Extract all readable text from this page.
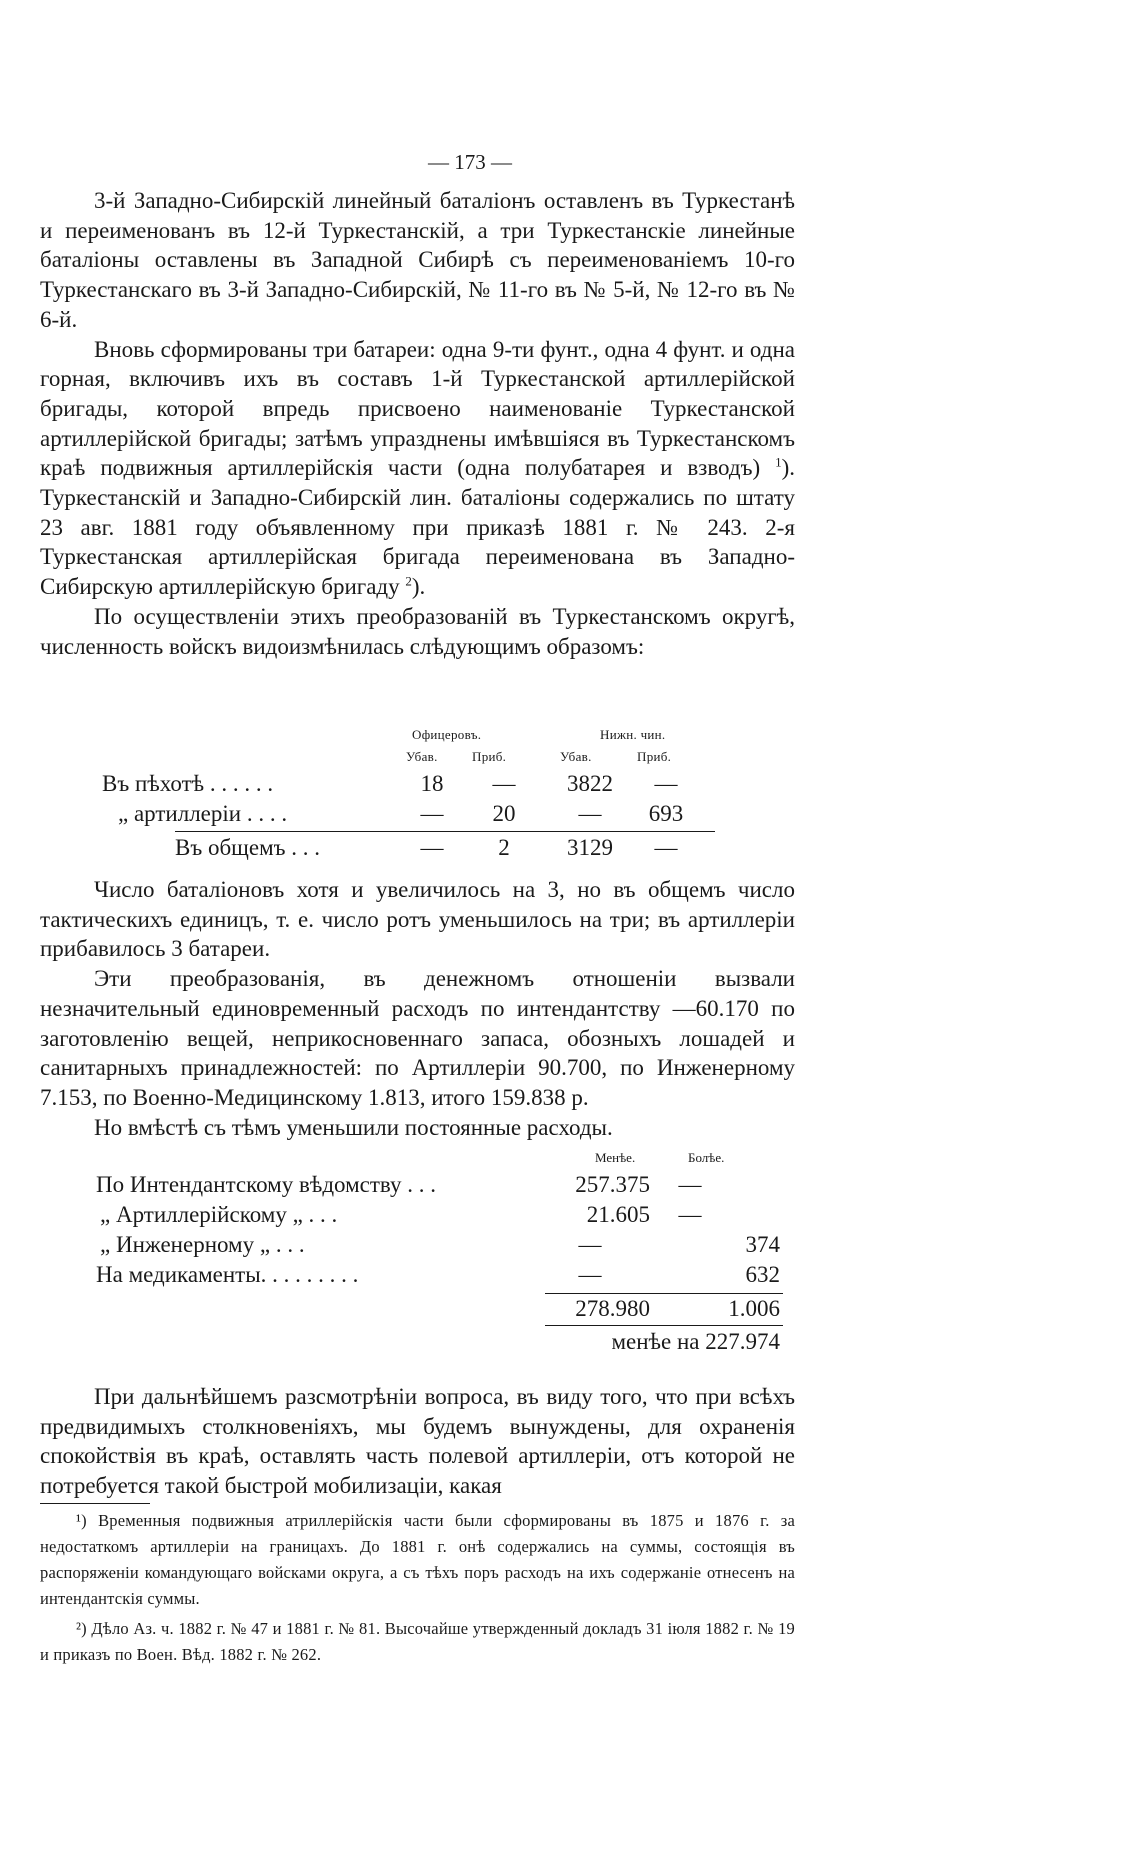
— 173 —

3-й Западно-Сибирскій линейный баталіонъ оставленъ въ Туркестанѣ и переименованъ въ 12-й Туркестанскій, а три Туркестанскіе линейные баталіоны оставлены въ Западной Сибирѣ съ переименованіемъ 10-го Туркестанскаго въ 3-й Западно-Сибирскій, № 11-го въ № 5-й, № 12-го въ № 6-й.

Вновь сформированы три батареи: одна 9-ти фунт., одна 4 фунт. и одна горная, включивъ ихъ въ составъ 1-й Туркестанской артиллерійской бригады, которой впредь присвоено наименованіе Туркестанской артиллерійской бригады; затѣмъ упразднены имѣвшіяся въ Туркестанскомъ краѣ подвижныя артиллерійскія части (одна полубатарея и взводъ) $^1$). Туркестанскій и Западно-Сибирскій лин. баталіоны содержались по штату 23 авг. 1881 году объявленному при приказѣ 1881 г. № 243. 2-я Туркестанская артиллерійская бригада переименована въ Западно-Сибирскую артиллерійскую бригаду $^2$).

По осуществленіи этихъ преобразованій въ Туркестанскомъ округѣ, численность войскъ видоизмѣнилась слѣдующимъ образомъ:

Офицеровъ.	Нижн. чин.
Убав.	Приб.	Убав.	Приб.
Въ пѣхотѣ . . . . . .	18	—	3822	—
„ артиллеріи . . . .	—	20	—	693
Въ общемъ . . .	—	2	3129	—

Число баталіоновъ хотя и увеличилось на 3, но въ общемъ число тактическихъ единицъ, т. е. число ротъ уменьшилось на три; въ артиллеріи прибавилось 3 батареи.

Эти преобразованія, въ денежномъ отношеніи вызвали незначительный единовременный расходъ по интендантству —60.170 по заготовленію вещей, неприкосновеннаго запаса, обозныхъ лошадей и санитарныхъ принадлежностей: по Артиллеріи 90.700, по Инженерному 7.153, по Военно-Медицинскому 1.813, итого 159.838 р.

Но вмѣстѣ съ тѣмъ уменьшили постоянные расходы.

Менѣе.	Болѣе.
По Интендантскому вѣдомству . . .	257.375	—
„ Артиллерійскому „ . . .	21.605	—
„ Инженерному „ . . .	—	374
На медикаменты. . . . . . . . .	—	632
278.980	1.006
менѣе на 227.974

При дальнѣйшемъ разсмотрѣніи вопроса, въ виду того, что при всѣхъ предвидимыхъ столкновеніяхъ, мы будемъ вынуждены, для охраненія спокойствія въ краѣ, оставлять часть полевой артиллеріи, отъ которой не потребуется такой быстрой мобилизаціи, какая

¹) Временныя подвижныя атриллерійскія части были сформированы въ 1875 и 1876 г. за недостаткомъ артиллеріи на границахъ. До 1881 г. онѣ содержались на суммы, состоящія въ распоряженіи командующаго войсками округа, а съ тѣхъ поръ расходъ на ихъ содержаніе отнесенъ на интендантскія суммы.

²) Дѣло Аз. ч. 1882 г. № 47 и 1881 г. № 81. Высочайше утвержденный докладъ 31 іюля 1882 г. № 19 и приказъ по Воен. Вѣд. 1882 г. № 262.
